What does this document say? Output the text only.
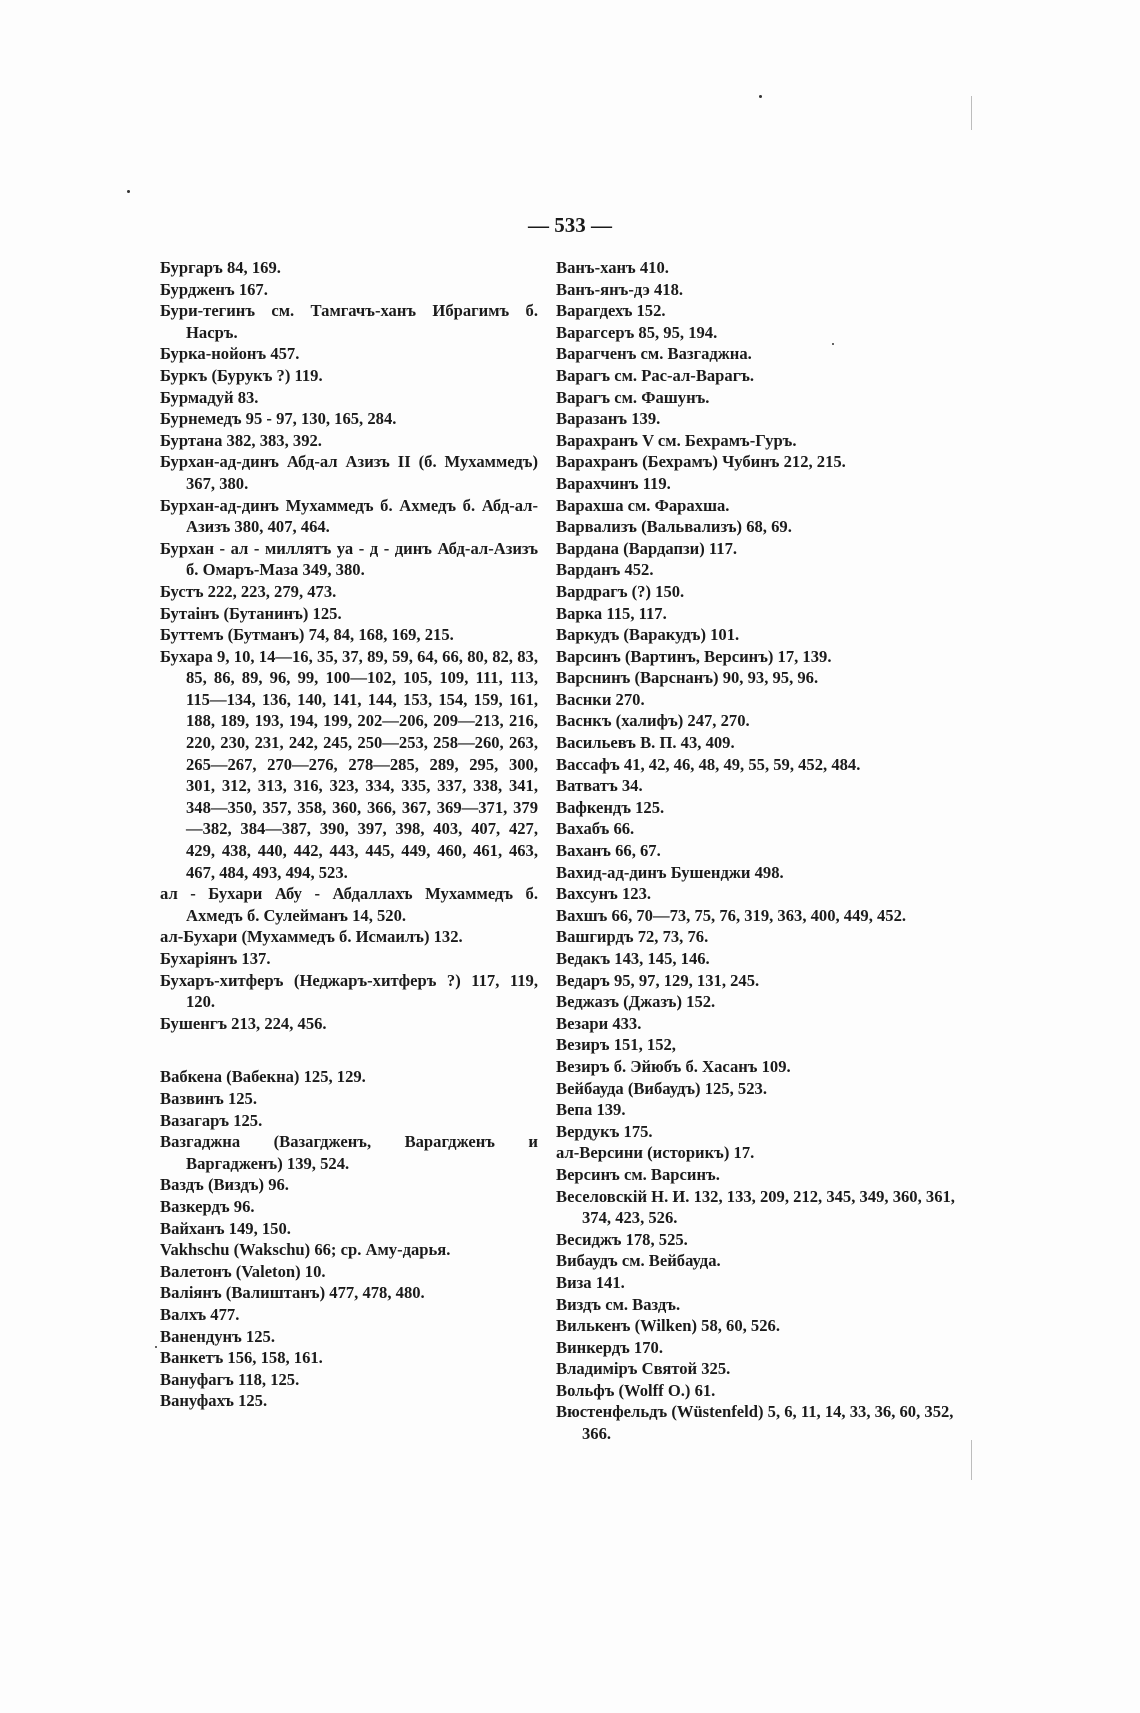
— 533 —

Бургаръ 84, 169.

Бурдженъ 167.

Бури-тегинъ см. Тамгачъ-ханъ Ибрагимъ б. Насръ.

Бурка-нойонъ 457.

Буркъ (Бурукъ ?) 119.

Бурмадуй 83.

Бурнемедъ 95 - 97, 130, 165, 284.

Буртана 382, 383, 392.

Бурхан-ад-динъ Абд-ал Азизъ II (б. Мухаммедъ) 367, 380.

Бурхан-ад-динъ Мухаммедъ б. Ахмедъ б. Абд-ал-Азизъ 380, 407, 464.

Бурхан - ал - миллятъ уа - д - динъ Абд-ал-Азизъ б. Омаръ-Маза 349, 380.

Бустъ 222, 223, 279, 473.

Бутаінъ (Бутанинъ) 125.

Буттемъ (Бутманъ) 74, 84, 168, 169, 215.

Бухара 9, 10, 14—16, 35, 37, 89, 59, 64, 66, 80, 82, 83, 85, 86, 89, 96, 99, 100—102, 105, 109, 111, 113, 115—134, 136, 140, 141, 144, 153, 154, 159, 161, 188, 189, 193, 194, 199, 202—206, 209—213, 216, 220, 230, 231, 242, 245, 250—253, 258—260, 263, 265—267, 270—276, 278—285, 289, 295, 300, 301, 312, 313, 316, 323, 334, 335, 337, 338, 341, 348—350, 357, 358, 360, 366, 367, 369—371, 379—382, 384—387, 390, 397, 398, 403, 407, 427, 429, 438, 440, 442, 443, 445, 449, 460, 461, 463, 467, 484, 493, 494, 523.

ал - Бухари Абу - Абдаллахъ Мухаммедъ б. Ахмедъ б. Сулейманъ 14, 520.

ал-Бухари (Мухаммедъ б. Исмаилъ) 132.

Бухаріянъ 137.

Бухаръ-хитферъ (Неджаръ-хитферъ ?) 117, 119, 120.

Бушенгъ 213, 224, 456.

Вабкена (Вабекна) 125, 129.

Вазвинъ 125.

Вазагаръ 125.

Вазгаджна (Вазагдженъ, Варагдженъ и Варгадженъ) 139, 524.

Ваздъ (Виздъ) 96.

Вазкердъ 96.

Вайханъ 149, 150.

Vakhschu (Wakschu) 66; ср. Аму-дарья.

Валетонъ (Valeton) 10.

Валіянъ (Валиштанъ) 477, 478, 480.

Валхъ 477.

Ванендунъ 125.

Ванкетъ 156, 158, 161.

Вануфагъ 118, 125.

Вануфахъ 125.

Ванъ-ханъ 410.

Ванъ-янъ-дэ 418.

Варагдехъ 152.

Варагсеръ 85, 95, 194.

Варагченъ см. Вазгаджна.

Варагъ см. Рас-ал-Варагъ.

Варагъ см. Фашунъ.

Варазанъ 139.

Варахранъ V см. Бехрамъ-Гуръ.

Варахранъ (Бехрамъ) Чубинъ 212, 215.

Варахчинъ 119.

Варахша см. Фарахша.

Варвализъ (Вальвализъ) 68, 69.

Вардана (Вардапзи) 117.

Варданъ 452.

Вардрагъ (?) 150.

Варка 115, 117.

Варкудъ (Варакудъ) 101.

Варсинъ (Вартинъ, Версинъ) 17, 139.

Варснинъ (Варснанъ) 90, 93, 95, 96.

Васнки 270.

Васнкъ (халифъ) 247, 270.

Васильевъ В. П. 43, 409.

Вассафъ 41, 42, 46, 48, 49, 55, 59, 452, 484.

Ватватъ 34.

Вафкендъ 125.

Вахабъ 66.

Ваханъ 66, 67.

Вахид-ад-динъ Бушенджи 498.

Вахсунъ 123.

Вахшъ 66, 70—73, 75, 76, 319, 363, 400, 449, 452.

Вашгирдъ 72, 73, 76.

Ведакъ 143, 145, 146.

Ведаръ 95, 97, 129, 131, 245.

Веджазъ (Джазъ) 152.

Везари 433.

Везиръ 151, 152,

Везиръ б. Эйюбъ б. Хасанъ 109.

Вейбауда (Вибаудъ) 125, 523.

Вепа 139.

Вердукъ 175.

ал-Версини (историкъ) 17.

Версинъ см. Варсинъ.

Веселовскій Н. И. 132, 133, 209, 212, 345, 349, 360, 361, 374, 423, 526.

Весиджъ 178, 525.

Вибаудъ см. Вейбауда.

Виза 141.

Виздъ см. Ваздъ.

Вилькенъ (Wilken) 58, 60, 526.

Винкердъ 170.

Владиміръ Святой 325.

Вольфъ (Wolff O.) 61.

Вюстенфельдъ (Wüstenfeld) 5, 6, 11, 14, 33, 36, 60, 352, 366.
